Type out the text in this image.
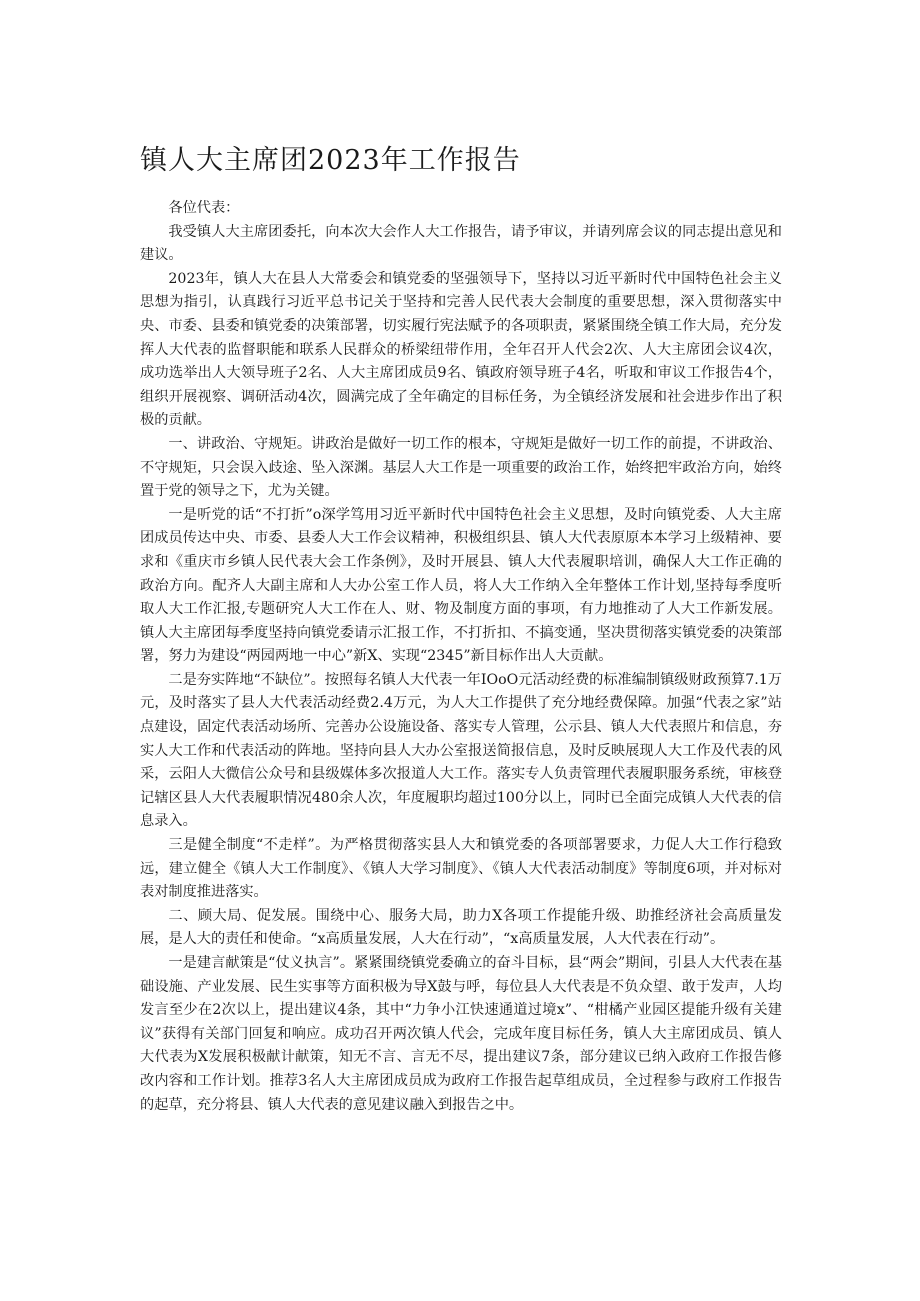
镇人大主席团2023年工作报告

各位代表：

我受镇人大主席团委托，向本次大会作人大工作报告，请予审议，并请列席会议的同志提出意见和建议。

2023年，镇人大在县人大常委会和镇党委的坚强领导下，坚持以习近平新时代中国特色社会主义思想为指引，认真践行习近平总书记关于坚持和完善人民代表大会制度的重要思想，深入贯彻落实中央、市委、县委和镇党委的决策部署，切实履行宪法赋予的各项职责，紧紧围绕全镇工作大局，充分发挥人大代表的监督职能和联系人民群众的桥梁纽带作用，全年召开人代会2次、人大主席团会议4次，成功选举出人大领导班子2名、人大主席团成员9名、镇政府领导班子4名，听取和审议工作报告4个，组织开展视察、调研活动4次，圆满完成了全年确定的目标任务，为全镇经济发展和社会进步作出了积极的贡献。

一、讲政治、守规矩。讲政治是做好一切工作的根本，守规矩是做好一切工作的前提，不讲政治、不守规矩，只会误入歧途、坠入深渊。基层人大工作是一项重要的政治工作，始终把牢政治方向，始终置于党的领导之下，尤为关键。

一是听党的话“不打折”o深学笃用习近平新时代中国特色社会主义思想，及时向镇党委、人大主席团成员传达中央、市委、县委人大工作会议精神，积极组织县、镇人大代表原原本本学习上级精神、要求和《重庆市乡镇人民代表大会工作条例》，及时开展县、镇人大代表履职培训，确保人大工作正确的政治方向。配齐人大副主席和人大办公室工作人员，将人大工作纳入全年整体工作计划,坚持每季度听取人大工作汇报,专题研究人大工作在人、财、物及制度方面的事项，有力地推动了人大工作新发展。镇人大主席团每季度坚持向镇党委请示汇报工作，不打折扣、不搞变通，坚决贯彻落实镇党委的决策部署，努力为建设“两园两地一中心”新X、实现“2345”新目标作出人大贡献。

二是夯实阵地“不缺位”。按照每名镇人大代表一年IOoO元活动经费的标准编制镇级财政预算7.1万元，及时落实了县人大代表活动经费2.4万元，为人大工作提供了充分地经费保障。加强“代表之家”站点建设，固定代表活动场所、完善办公设施设备、落实专人管理，公示县、镇人大代表照片和信息，夯实人大工作和代表活动的阵地。坚持向县人大办公室报送简报信息，及时反映展现人大工作及代表的风采，云阳人大微信公众号和县级媒体多次报道人大工作。落实专人负责管理代表履职服务系统，审核登记辖区县人大代表履职情况480余人次，年度履职均超过100分以上，同时已全面完成镇人大代表的信息录入。

三是健全制度“不走样”。为严格贯彻落实县人大和镇党委的各项部署要求，力促人大工作行稳致远，建立健全《镇人大工作制度》、《镇人大学习制度》、《镇人大代表活动制度》等制度6项，并对标对表对制度推进落实。

二、顾大局、促发展。围绕中心、服务大局，助力X各项工作提能升级、助推经济社会高质量发展，是人大的责任和使命。“x高质量发展，人大在行动”，“x高质量发展，人大代表在行动”。

一是建言献策是“仗义执言”。紧紧围绕镇党委确立的奋斗目标，县“两会”期间，引县人大代表在基础设施、产业发展、民生实事等方面积极为导X鼓与呼，每位县人大代表是不负众望、敢于发声，人均发言至少在2次以上，提出建议4条，其中“力争小江快速通道过境x”、“柑橘产业园区提能升级有关建议”获得有关部门回复和响应。成功召开两次镇人代会，完成年度目标任务，镇人大主席团成员、镇人大代表为X发展积极献计献策，知无不言、言无不尽，提出建议7条，部分建议已纳入政府工作报告修改内容和工作计划。推荐3名人大主席团成员成为政府工作报告起草组成员，全过程参与政府工作报告的起草，充分将县、镇人大代表的意见建议融入到报告之中。
